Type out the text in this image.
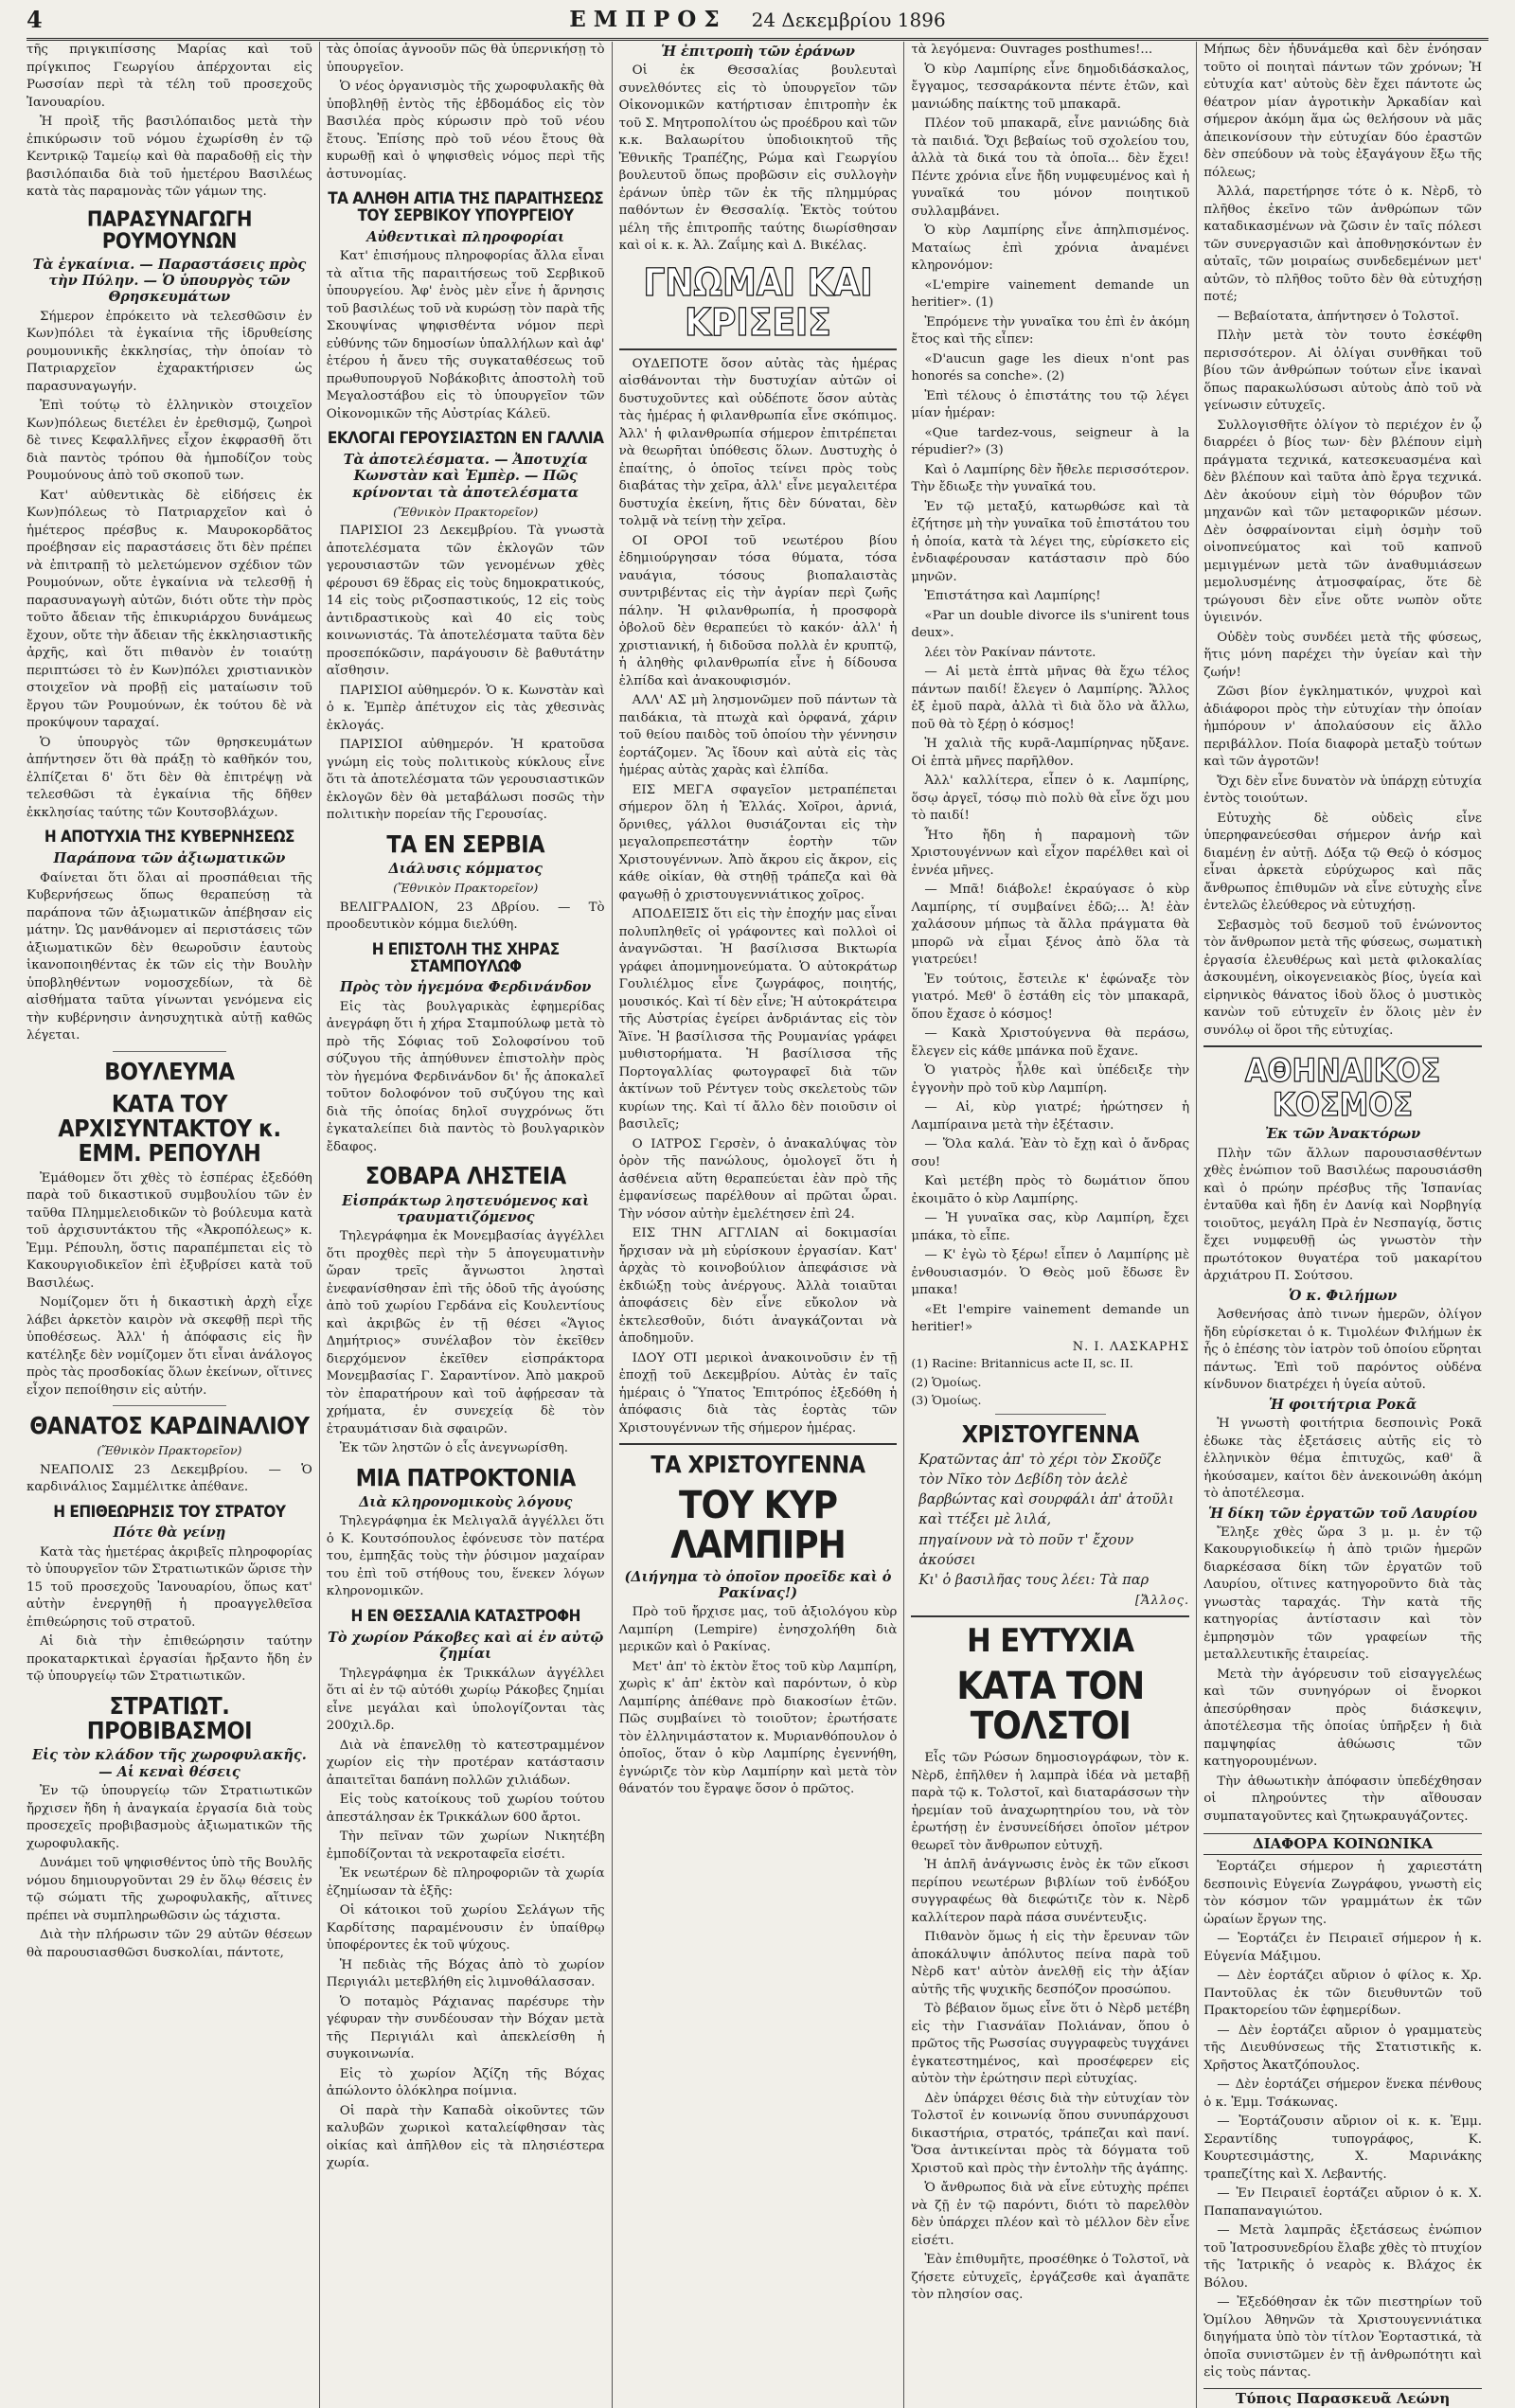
4	ΕΜΠΡΟΣ 24 Δεκεμβρίου 1896

τῆς πριγκιπίσσης Μαρίας καὶ τοῦ πρίγκιπος Γεωργίου ἀπέρχονται εἰς Ρωσσίαν περὶ τὰ τέλη τοῦ προσεχοῦς Ἰανουαρίου.

Ἡ προὶξ τῆς βασιλόπαιδος μετὰ τὴν ἐπικύρωσιν τοῦ νόμου ἐχωρίσθη ἐν τῷ Κεντρικῷ Ταμείῳ καὶ θὰ παραδοθῇ εἰς τὴν βασιλόπαιδα διὰ τοῦ ἡμετέρου Βασιλέως κατὰ τὰς παραμονὰς τῶν γάμων της.

ΠΑΡΑΣΥΝΑΓΩΓΗ ΡΟΥΜΟΥΝΩΝ
Τὰ ἐγκαίνια. — Παραστάσεις πρὸς τὴν Πύλην. — Ὁ ὑπουργὸς τῶν Θρησκευμάτων

Σήμερον ἐπρόκειτο νὰ τελεσθῶσιν ἐν Κων)πόλει τὰ ἐγκαίνια τῆς ἱδρυθείσης ρουμουνικῆς ἐκκλησίας, τὴν ὁποίαν τὸ Πατριαρχεῖον ἐχαρακτήρισεν ὡς παρασυναγωγήν.

Ἐπὶ τούτῳ τὸ ἑλληνικὸν στοιχεῖον Κων)πόλεως διετέλει ἐν ἐρεθισμῷ, ζωηροὶ δὲ τινες Κεφαλλῆνες εἶχον ἐκφρασθῆ ὅτι διὰ παντὸς τρόπου θὰ ἠμποδίζον τοὺς Ρουμούνους ἀπὸ τοῦ σκοποῦ των.

Κατ' αὐθεντικὰς δὲ εἰδήσεις ἐκ Κων)πόλεως τὸ Πατριαρχεῖον καὶ ὁ ἡμέτερος πρέσβυς κ. Μαυροκορδᾶτος προέβησαν εἰς παραστάσεις ὅτι δὲν πρέπει νὰ ἐπιτραπῇ τὸ μελετώμενον σχέδιον τῶν Ρουμούνων, οὔτε ἐγκαίνια νὰ τελεσθῇ ἡ παρασυναγωγὴ αὐτῶν, διότι οὔτε τὴν πρὸς τοῦτο ἄδειαν τῆς ἐπικυριάρχου δυνάμεως ἔχουν, οὔτε τὴν ἄδειαν τῆς ἐκκλησιαστικῆς ἀρχῆς, καὶ ὅτι πιθανὸν ἐν τοιαύτῃ περιπτώσει τὸ ἐν Κων)πόλει χριστιανικὸν στοιχεῖον νὰ προβῇ εἰς ματαίωσιν τοῦ ἔργου τῶν Ρουμούνων, ἐκ τούτου δὲ νὰ προκύψουν ταραχαί.

Ὁ ὑπουργὸς τῶν θρησκευμάτων ἀπήντησεν ὅτι θὰ πράξῃ τὸ καθῆκόν του, ἐλπίζεται δ' ὅτι δὲν θὰ ἐπιτρέψῃ νὰ τελεσθῶσι τὰ ἐγκαίνια τῆς δῆθεν ἐκκλησίας ταύτης τῶν Κουτσοβλάχων.

Η ΑΠΟΤΥΧΙΑ ΤΗΣ ΚΥΒΕΡΝΗΣΕΩΣ
Παράπονα τῶν ἀξιωματικῶν

Φαίνεται ὅτι ὅλαι αἱ προσπάθειαι τῆς Κυβερνήσεως ὅπως θεραπεύσῃ τὰ παράπονα τῶν ἀξιωματικῶν ἀπέβησαν εἰς μάτην. Ὡς μανθάνομεν αἱ περιστάσεις τῶν ἀξιωματικῶν δὲν θεωροῦσιν ἑαυτοὺς ἱκανοποιηθέντας ἐκ τῶν εἰς τὴν Βουλὴν ὑποβληθέντων νομοσχεδίων, τὰ δὲ αἰσθήματα ταῦτα γίνωνται γενόμενα εἰς τὴν κυβέρνησιν ἀνησυχητικὰ αὐτῇ καθῶς λέγεται.

ΒΟΥΛΕΥΜΑ
ΚΑΤΑ ΤΟΥ ΑΡΧΙΣΥΝΤΑΚΤΟΥ κ. ΕΜΜ. ΡΕΠΟΥΛΗ

Ἐμάθομεν ὅτι χθὲς τὸ ἑσπέρας ἐξεδόθη παρὰ τοῦ δικαστικοῦ συμβουλίου τῶν ἐν ταῦθα Πλημμελειοδικῶν τὸ βούλευμα κατὰ τοῦ ἀρχισυντάκτου τῆς «Ἀκροπόλεως» κ. Ἐμμ. Ρέπουλη, ὅστις παραπέμπεται εἰς τὸ Κακουργιοδικεῖον ἐπὶ ἐξυβρίσει κατὰ τοῦ Βασιλέως.

Νομίζομεν ὅτι ἡ δικαστικὴ ἀρχὴ εἶχε λάβει ἀρκετὸν καιρὸν νὰ σκεφθῇ περὶ τῆς ὑποθέσεως. Ἀλλ' ἡ ἀπόφασις εἰς ἣν κατέληξε δὲν νομίζομεν ὅτι εἶναι ἀνάλογος πρὸς τὰς προσδοκίας ὅλων ἐκείνων, οἵτινες εἶχον πεποίθησιν εἰς αὐτήν.

ΘΑΝΑΤΟΣ ΚΑΡΔΙΝΑΛΙΟΥ
(Ἔθνικὸν Πρακτορεῖον)

ΝΕΑΠΟΛΙΣ 23 Δεκεμβρίου. — Ὁ καρδινάλιος Σαμμέλιτκε ἀπέθανε.

Η ΕΠΙΘΕΩΡΗΣΙΣ ΤΟΥ ΣΤΡΑΤΟΥ
Πότε θὰ γείνῃ

Κατὰ τὰς ἡμετέρας ἀκριβεῖς πληροφορίας τὸ ὑπουργεῖον τῶν Στρατιωτικῶν ὥρισε τὴν 15 τοῦ προσεχοῦς Ἰανουαρίου, ὅπως κατ' αὐτὴν ἐνεργηθῇ ἡ προαγγελθεῖσα ἐπιθεώρησις τοῦ στρατοῦ.

Αἱ διὰ τὴν ἐπιθεώρησιν ταύτην προκαταρκτικαὶ ἐργασίαι ἤρξαντο ἤδη ἐν τῷ ὑπουργείῳ τῶν Στρατιωτικῶν.

ΣΤΡΑΤΙΩΤ. ΠΡΟΒΙΒΑΣΜΟΙ
Εἰς τὸν κλάδον τῆς χωροφυλακῆς. — Αἱ κεναὶ θέσεις

Ἐν τῷ ὑπουργείῳ τῶν Στρατιωτικῶν ἤρχισεν ἤδη ἡ ἀναγκαία ἐργασία διὰ τοὺς προσεχεῖς προβιβασμοὺς ἀξιωματικῶν τῆς χωροφυλακῆς.

Δυνάμει τοῦ ψηφισθέντος ὑπὸ τῆς Βουλῆς νόμου δημιουργοῦνται 29 ἐν ὅλῳ θέσεις ἐν τῷ σώματι τῆς χωροφυλακῆς, αἵτινες πρέπει νὰ συμπληρωθῶσιν ὡς τάχιστα.

Διὰ τὴν πλήρωσιν τῶν 29 αὐτῶν θέσεων θὰ παρουσιασθῶσι δυσκολίαι, πάντοτε,

τὰς ὁποίας ἀγνοοῦν πῶς θὰ ὑπερνικήσῃ τὸ ὑπουργεῖον.

Ὁ νέος ὀργανισμὸς τῆς χωροφυλακῆς θὰ ὑποβληθῇ ἐντὸς τῆς ἑβδομάδος εἰς τὸν Βασιλέα πρὸς κύρωσιν πρὸ τοῦ νέου ἔτους. Ἐπίσης πρὸ τοῦ νέου ἔτους θὰ κυρωθῇ καὶ ὁ ψηφισθεὶς νόμος περὶ τῆς ἀστυνομίας.

ΤΑ ΑΛΗΘΗ ΑΙΤΙΑ ΤΗΣ ΠΑΡΑΙΤΗΣΕΩΣ ΤΟΥ ΣΕΡΒΙΚΟΥ ΥΠΟΥΡΓΕΙΟΥ
Αὐθεντικαὶ πληροφορίαι

Κατ' ἐπισήμους πληροφορίας ἄλλα εἶναι τὰ αἴτια τῆς παραιτήσεως τοῦ Σερβικοῦ ὑπουργείου. Ἀφ' ἑνὸς μὲν εἶνε ἡ ἄρνησις τοῦ βασιλέως τοῦ νὰ κυρώσῃ τὸν παρὰ τῆς Σκουψίνας ψηφισθέντα νόμον περὶ εὐθύνης τῶν δημοσίων ὑπαλλήλων καὶ ἀφ' ἑτέρου ἡ ἄνευ τῆς συγκαταθέσεως τοῦ πρωθυπουργοῦ Νοβάκοβιτς ἀποστολὴ τοῦ Μεγαλοστάβου εἰς τὸ ὑπουργεῖον τῶν Οἰκονομικῶν τῆς Αὐστρίας Κάλεϋ.

ΕΚΛΟΓΑΙ ΓΕΡΟΥΣΙΑΣΤΩΝ ΕΝ ΓΑΛΛΙΑ
Τὰ ἀποτελέσματα. — Ἀποτυχία Κωνστὰν καὶ Ἐμπὲρ. — Πῶς κρίνονται τὰ ἀποτελέσματα
(Ἔθνικὸν Πρακτορεῖον)

ΠΑΡΙΣΙΟΙ 23 Δεκεμβρίου. Τὰ γνωστὰ ἀποτελέσματα τῶν ἐκλογῶν τῶν γερουσιαστῶν τῶν γενομένων χθὲς φέρουσι 69 ἕδρας εἰς τοὺς δημοκρατικούς, 14 εἰς τοὺς ριζοσπαστικούς, 12 εἰς τοὺς ἀντιδραστικοὺς καὶ 40 εἰς τοὺς κοινωνιστάς. Τὰ ἀποτελέσματα ταῦτα δὲν προσεπόκῶσιν, παράγουσιν δὲ βαθυτάτην αἴσθησιν.

ΠΑΡΙΣΙΟΙ αὐθημερόν. Ὁ κ. Κωνστὰν καὶ ὁ κ. Ἐμπὲρ ἀπέτυχον εἰς τὰς χθεσινὰς ἐκλογάς.

ΠΑΡΙΣΙΟΙ αὐθημερόν. Ἡ κρατοῦσα γνώμη εἰς τοὺς πολιτικοὺς κύκλους εἶνε ὅτι τὰ ἀποτελέσματα τῶν γερουσιαστικῶν ἐκλογῶν δὲν θὰ μεταβάλωσι ποσῶς τὴν πολιτικὴν πορείαν τῆς Γερουσίας.

ΤΑ ΕΝ ΣΕΡΒΙΑ
Διάλυσις κόμματος
(Ἔθνικὸν Πρακτορεῖον)

ΒΕΛΙΓΡΑΔΙΟΝ, 23 Δβρίου. — Τὸ προοδευτικὸν κόμμα διελύθη.

Η ΕΠΙΣΤΟΛΗ ΤΗΣ ΧΗΡΑΣ ΣΤΑΜΠΟΥΛΩΦ
Πρὸς τὸν ἡγεμόνα Φερδινάνδον

Εἰς τὰς βουλγαρικὰς ἐφημερίδας ἀνεγράφη ὅτι ἡ χήρα Σταμπούλωφ μετὰ τὸ πρὸ τῆς Σόφιας τοῦ Σολοφσίνου τοῦ σύζυγου τῆς ἀπηύθυνεν ἐπιστολὴν πρὸς τὸν ἡγεμόνα Φερδινάνδον δι' ἧς ἀποκαλεῖ τοῦτον δολοφόνον τοῦ συζύγου της καὶ διὰ τῆς ὁποίας δηλοῖ συγχρόνως ὅτι ἐγκαταλείπει διὰ παντὸς τὸ βουλγαρικὸν ἔδαφος.

ΣΟΒΑΡΑ ΛΗΣΤΕΙΑ
Εἰσπράκτωρ ληστευόμενος καὶ τραυματιζόμενος

Τηλεγράφημα ἐκ Μονεμβασίας ἀγγέλλει ὅτι προχθὲς περὶ τὴν 5 ἀπογευματινὴν ὥραν τρεῖς ἄγνωστοι λησταὶ ἐνεφανίσθησαν ἐπὶ τῆς ὁδοῦ τῆς ἀγούσης ἀπὸ τοῦ χωρίου Γερδάνα εἰς Κουλεντίους καὶ ἀκριβῶς ἐν τῇ θέσει «Ἅγιος Δημήτριος» συνέλαβον τὸν ἐκεῖθεν διερχόμενον ἐκεῖθεν εἰσπράκτορα Μονεμβασίας Γ. Σαραντίνον. Ἀπὸ μακροῦ τὸν ἐπαρατήρουν καὶ τοῦ ἀφῄρεσαν τὰ χρήματα, ἐν συνεχείᾳ δὲ τὸν ἐτραυμάτισαν διὰ σφαιρῶν.

Ἐκ τῶν ληστῶν ὁ εἷς ἀνεγνωρίσθη.

ΜΙΑ ΠΑΤΡΟΚΤΟΝΙΑ
Διὰ κληρονομικοὺς λόγους

Τηλεγράφημα ἐκ Μελιγαλᾶ ἀγγέλλει ὅτι ὁ Κ. Κουτσόπουλος ἐφόνευσε τὸν πατέρα του, ἐμπηξᾶς τοὺς τὴν ῥύσιμον μαχαίραν του ἐπὶ τοῦ στήθους του, ἕνεκεν λόγων κληρονομικῶν.

Η ΕΝ ΘΕΣΣΑΛΙΑ ΚΑΤΑΣΤΡΟΦΗ
Τὸ χωρίον Ράκοβες καὶ αἱ ἐν αὐτῷ ζημίαι

Τηλεγράφημα ἐκ Τρικκάλων ἀγγέλλει ὅτι αἱ ἐν τῷ αὐτόθι χωρίῳ Ράκοβες ζημίαι εἶνε μεγάλαι καὶ ὑπολογίζονται τὰς 200χιλ.δρ.

Διὰ νὰ ἐπανελθῃ τὸ κατεστραμμένον χωρίον εἰς τὴν προτέραν κατάστασιν ἀπαιτεῖται δαπάνη πολλῶν χιλιάδων.

Εἰς τοὺς κατοίκους τοῦ χωρίου τούτου ἀπεστάλησαν ἐκ Τρικκάλων 600 ἄρτοι.

Τὴν πεῖναν τῶν χωρίων Νικητέβη ἐμποδίζονται τὰ νεκροταφεῖα εἰσέτι.

Ἐκ νεωτέρων δὲ πληροφοριῶν τὰ χωρία ἐζημίωσαν τὰ ἑξῆς:

Οἱ κάτοικοι τοῦ χωρίου Σελάγων τῆς Καρδίτσης παραμένουσιν ἐν ὑπαίθρῳ ὑποφέροντες ἐκ τοῦ ψύχους.

Ἡ πεδιὰς τῆς Βόχας ἀπὸ τὸ χωρίον Περιγιάλι μετεβλήθη εἰς λιμνοθάλασσαν.

Ὁ ποταμὸς Ράχιανας παρέσυρε τὴν γέφυραν τὴν συνδέουσαν τὴν Βόχαν μετὰ τῆς Περιγιάλι καὶ ἀπεκλείσθη ἡ συγκοινωνία.

Εἰς τὸ χωρίον Ἀζίζη τῆς Βόχας ἀπώλοντο ὁλόκληρα ποίμνια.

Οἱ παρὰ τὴν Καπαδὰ οἰκοῦντες τῶν καλυβῶν χωρικοὶ καταλείφθησαν τὰς οἰκίας καὶ ἀπῆλθον εἰς τὰ πλησιέστερα χωρία.

Ἡ ἐπιτροπὴ τῶν ἐράνων

Οἱ ἐκ Θεσσαλίας βουλευταὶ συνελθόντες εἰς τὸ ὑπουργεῖον τῶν Οἰκονομικῶν κατήρτισαν ἐπιτροπὴν ἐκ τοῦ Σ. Μητροπολίτου ὡς προέδρου καὶ τῶν κ.κ. Βαλαωρίτου ὑποδιοικητοῦ τῆς Ἐθνικῆς Τραπέζης, Ρώμα καὶ Γεωργίου βουλευτοῦ ὅπως προβῶσιν εἰς συλλογὴν ἐράνων ὑπὲρ τῶν ἐκ τῆς πλημμύρας παθόντων ἐν Θεσσαλίᾳ. Ἐκτὸς τούτου μέλη τῆς ἐπιτροπῆς ταύτης διωρίσθησαν καὶ οἱ κ. κ. Ἀλ. Ζαΐμης καὶ Δ. Βικέλας.

ΓΝΩΜΑΙ ΚΑΙ ΚΡΙΣΕΙΣ

ΟΥΔΕΠΟΤΕ ὅσον αὐτὰς τὰς ἡμέρας αἰσθάνονται τὴν δυστυχίαν αὐτῶν οἱ δυστυχοῦντες καὶ οὐδέποτε ὅσον αὐτὰς τὰς ἡμέρας ἡ φιλανθρωπία εἶνε σκόπιμος. Ἀλλ' ἡ φιλανθρωπία σήμερον ἐπιτρέπεται νὰ θεωρῆται ὑπόθεσις ὅλων. Δυστυχὴς ὁ ἐπαίτης, ὁ ὁποῖος τείνει πρὸς τοὺς διαβάτας τὴν χεῖρα, ἀλλ' εἶνε μεγαλειτέρα δυστυχία ἐκείνη, ἥτις δὲν δύναται, δὲν τολμᾷ νὰ τείνῃ τὴν χεῖρα.

ΟΙ ΟΡΟΙ τοῦ νεωτέρου βίου ἐδημιούργησαν τόσα θύματα, τόσα ναυάγια, τόσους βιοπαλαιστὰς συντριβέντας εἰς τὴν ἀγρίαν περὶ ζωῆς πάλην. Ἡ φιλανθρωπία, ἡ προσφορὰ ὀβολοῦ δὲν θεραπεύει τὸ κακόν· ἀλλ' ἡ χριστιανική, ἡ διδοῦσα πολλὰ ἐν κρυπτῷ, ἡ ἀληθὴς φιλανθρωπία εἶνε ἡ δίδουσα ἐλπίδα καὶ ἀνακουφισμόν.

ΑΛΛ' ΑΣ μὴ λησμονῶμεν ποῦ πάντων τὰ παιδάκια, τὰ πτωχὰ καὶ ὀρφανά, χάριν τοῦ θείου παιδὸς τοῦ ὁποίου τὴν γέννησιν ἑορτάζομεν. Ἂς ἴδουν καὶ αὐτὰ εἰς τὰς ἡμέρας αὐτὰς χαρὰς καὶ ἐλπίδα.

ΕΙΣ ΜΕΓΑ σφαγεῖον μετραπέπεται σήμερον ὅλη ἡ Ἑλλάς. Χοῖροι, ἀρνιά, ὄρνιθες, γάλλοι θυσιάζονται εἰς τὴν μεγαλοπρεπεστάτην ἑορτὴν τῶν Χριστουγέννων. Ἀπὸ ἄκρου εἰς ἄκρον, εἰς κάθε οἰκίαν, θὰ στηθῇ τράπεζα καὶ θὰ φαγωθῇ ὁ χριστουγεννιάτικος χοῖρος.

ΑΠΟΔΕΙΞΙΣ ὅτι εἰς τὴν ἐποχήν μας εἶναι πολυπληθεῖς οἱ γράφοντες καὶ πολλοὶ οἱ ἀναγνῶσται. Ἡ βασίλισσα Βικτωρία γράφει ἀπομνημονεύματα. Ὁ αὐτοκράτωρ Γουλιέλμος εἶνε ζωγράφος, ποιητής, μουσικός. Καὶ τί δὲν εἶνε; Ἡ αὐτοκράτειρα τῆς Αὐστρίας ἐγείρει ἀνδριάντας εἰς τὸν Ἄϊνε. Ἡ βασίλισσα τῆς Ρουμανίας γράφει μυθιστορήματα. Ἡ βασίλισσα τῆς Πορτογαλλίας φωτογραφεῖ διὰ τῶν ἀκτίνων τοῦ Ρέντγεν τοὺς σκελετοὺς τῶν κυρίων της. Καὶ τί ἄλλο δὲν ποιοῦσιν οἱ βασιλεῖς;

Ο ΙΑΤΡΟΣ Γερσὲν, ὁ ἀνακαλύψας τὸν ὀρὸν τῆς πανώλους, ὁμολογεῖ ὅτι ἡ ἀσθένεια αὕτη θεραπεύεται ἐὰν πρὸ τῆς ἐμφανίσεως παρέλθουν αἱ πρῶται ὧραι. Τὴν νόσον αὐτὴν ἐμελέτησεν ἐπὶ 24.

ΕΙΣ ΤΗΝ ΑΓΓΛΙΑΝ αἱ δοκιμασίαι ἤρχισαν νὰ μὴ εὑρίσκουν ἐργασίαν. Κατ' ἀρχὰς τὸ κοινοβούλιον ἀπεφάσισε νὰ ἐκδιώξῃ τοὺς ἀνέργους. Ἀλλὰ τοιαῦται ἀποφάσεις δὲν εἶνε εὔκολον νὰ ἐκτελεσθοῦν, διότι ἀναγκάζονται νὰ ἀποδημοῦν.

ΙΔΟΥ ΟΤΙ μερικοὶ ἀνακοινοῦσιν ἐν τῇ ἐποχῇ τοῦ Δεκεμβρίου. Αὐτὰς ἐν ταῖς ἡμέραις ὁ Ὕπατος Ἐπιτρόπος ἐξεδόθη ἡ ἀπόφασις διὰ τὰς ἑορτὰς τῶν Χριστουγέννων τῆς σήμερον ἡμέρας.

ΤΑ ΧΡΙΣΤΟΥΓΕΝΝΑ
ΤΟΥ ΚΥΡ ΛΑΜΠΙΡΗ
(Διήγημα τὸ ὁποῖον προεῖδε καὶ ὁ Ρακίνας!)

Πρὸ τοῦ ἤρχισε μας, τοῦ ἀξιολόγου κὺρ Λαμπίρη (Lempire) ἐνησχολήθη διὰ μερικῶν καὶ ὁ Ρακίνας.

Μετ' ἀπ' τὸ ἑκτὸν ἕτος τοῦ κὺρ Λαμπίρη, χωρὶς κ' ἀπ' ἐκτὸν καὶ παρόντων, ὁ κὺρ Λαμπίρης ἀπέθανε πρὸ διακοσίων ἐτῶν. Πῶς συμβαίνει τὸ τοιοῦτον; ἐρωτήσατε τὸν ἐλληνιμάστατον κ. Μυριανθόπουλον ὁ ὁποῖος, ὅταν ὁ κὺρ Λαμπίρης ἐγεννήθη, ἐγνώριζε τὸν κὺρ Λαμπίρην καὶ μετὰ τὸν θάνατόν του ἔγραψε ὅσον ὁ πρῶτος.

τὰ λεγόμενα: Ouvrages posthumes!...

Ὁ κὺρ Λαμπίρης εἶνε δημοδιδάσκαλος, ἔγγαμος, τεσσαράκοντα πέντε ἐτῶν, καὶ μανιώδης παίκτης τοῦ μπακαρᾶ.

Πλέον τοῦ μπακαρᾶ, εἶνε μανιώδης διὰ τὰ παιδιά. Ὄχι βεβαίως τοῦ σχολείου του, ἀλλὰ τὰ δικά του τὰ ὁποῖα... δὲν ἔχει! Πέντε χρόνια εἶνε ἤδη νυμφευμένος καὶ ἡ γυναῖκά του μόνον ποιητικοῦ συλλαμβάνει.

Ὁ κὺρ Λαμπίρης εἶνε ἀπηλπισμένος. Ματαίως ἐπὶ χρόνια ἀναμένει κληρονόμον:

«L'empire vainement demande un heritier». (1)

Ἐπρόμενε τὴν γυναῖκα του ἐπὶ ἐν ἀκόμη ἔτος καὶ τῆς εἶπεν:

«D'aucun gage les dieux n'ont pas honorés sa conche». (2)

Ἐπὶ τέλους ὁ ἐπιστάτης του τῷ λέγει μίαν ἡμέραν:

«Que tardez-vous, seigneur à la répudier?» (3)

Καὶ ὁ Λαμπίρης δὲν ἤθελε περισσότερον. Τὴν ἔδιωξε τὴν γυναῖκά του.

Ἐν τῷ μεταξύ, κατωρθώσε καὶ τὰ ἐζήτησε μὴ τὴν γυναῖκα τοῦ ἐπιστάτου του ἡ ὁποία, κατὰ τὰ λέγει της, εὑρίσκετο εἰς ἐνδιαφέρουσαν κατάστασιν πρὸ δύο μηνῶν.

Ἐπιστάτησα καὶ Λαμπίρης!

«Par un double divorce ils s'unirent tous deux».

λέει τὸν Ρακίναν πάντοτε.

— Αἱ μετὰ ἑπτὰ μῆνας θὰ ἔχω τέλος πάντων παιδί! ἔλεγεν ὁ Λαμπίρης. Ἄλλος ἐξ ἐμοῦ παρὰ, ἀλλὰ τὶ διὰ ὅλο νὰ ἄλλω, ποῦ θὰ τὸ ξέρῃ ὁ κόσμος!

Ἡ χαλιὰ τῆς κυρᾶ-Λαμπίρηνας ηὔξανε. Οἱ ἑπτὰ μῆνες παρῆλθον.

Ἀλλ' καλλίτερα, εἶπεν ὁ κ. Λαμπίρης, ὅσῳ ἀργεῖ, τόσῳ πιὸ πολὺ θὰ εἶνε ὅχι μου τὸ παιδί!

Ἦτο ἤδη ἡ παραμονὴ τῶν Χριστουγέννων καὶ εἶχον παρέλθει καὶ οἱ ἐννέα μῆνες.

— Μπᾶ! διάβολε! ἐκραύγασε ὁ κὺρ Λαμπίρης, τί συμβαίνει ἐδῶ;... Ἀ! ἐὰν χαλάσουν μήπως τὰ ἄλλα πράγματα θὰ μπορῶ νὰ εἶμαι ξένος ἀπὸ ὅλα τὰ γιατρεύει!

Ἐν τούτοις, ἔστειλε κ' ἐφώναξε τὸν γιατρό. Μεθ' ὃ ἐστάθη εἰς τὸν μπακαρᾶ, ὅπου ἔχασε ὁ κόσμος!

— Κακὰ Χριστούγεννα θὰ περάσω, ἔλεγεν εἰς κάθε μπάνκα ποῦ ἔχανε.

Ὁ γιατρὸς ἦλθε καὶ ὑπέδειξε τὴν ἐγγονὴν πρὸ τοῦ κὺρ Λαμπίρη.

— Αἱ, κὺρ γιατρέ; ἠρώτησεν ἡ Λαμπίραινα μετὰ τὴν ἐξέτασιν.

— Ὅλα καλά. Ἐὰν τὸ ἔχῃ καὶ ὁ ἄνδρας σου!

Καὶ μετέβη πρὸς τὸ δωμάτιον ὅπου ἐκοιμᾶτο ὁ κὺρ Λαμπίρης.

— Ἡ γυναῖκα σας, κὺρ Λαμπίρη, ἔχει μπάκα, τὸ εἶπε.

— Κ' ἐγὼ τὸ ξέρω! εἶπεν ὁ Λαμπίρης μὲ ἐνθουσιασμόν. Ὁ Θεὸς μοῦ ἔδωσε ἓν μπακα!

«Et l'empire vainement demande un heritier!»

Ν. Ι. ΛΑΣΚΑΡΗΣ

(1) Racine: Britannicus acte II, sc. II.

(2) Ὁμοίως.

(3) Ὁμοίως.

ΧΡΙΣΤΟΥΓΕΝΝΑ
Κρατῶντας ἀπ' τὸ χέρι τὸν Σκοῦζε
τὸν Νῖκο τὸν Δεβίδη τὸν ἀελὲ
βαρβώντας καὶ σουρφάλι ἀπ' ἀτοῦλι
καὶ ττέξει μὲ λιλά,
πηγαίνουν νὰ τὸ ποῦν τ' ἔχουν ἀκούσει
Κι' ὁ βασιλῆας τους λέει: Τὰ παρ
[Ἄλλος.
Η ΕΥΤΥΧΙΑ
ΚΑΤΑ ΤΟΝ ΤΟΛΣΤΟΙ

Εἷς τῶν Ρώσων δημοσιογράφων, τὸν κ. Νὲρδ, ἐπῆλθεν ἡ λαμπρὰ ἰδέα νὰ μεταβῇ παρὰ τῷ κ. Τολστοῖ, καὶ διαταράσσων τὴν ἠρεμίαν τοῦ ἀναχωρητηρίου του, νὰ τὸν ἐρωτήσῃ ἐν ἐνσυνείδήσει ὁποῖον μέτρον θεωρεῖ τὸν ἄνθρωπον εὐτυχῆ.

Ἡ ἁπλῆ ἀνάγνωσις ἑνὸς ἐκ τῶν εἴκοσι περίπου νεωτέρων βιβλίων τοῦ ἐνδόξου συγγραφέως θὰ διεφώτιζε τὸν κ. Νὲρδ καλλίτερον παρὰ πάσα συνέντευξις.

Πιθανὸν ὅμως ἡ εἰς τὴν ἔρευναν τῶν ἀποκάλυψιν ἀπόλυτος πείνα παρὰ τοῦ Νὲρδ κατ' αὐτὸν ἀνελθῇ εἰς τὴν ἀξίαν αὐτῆς τῆς ψυχικῆς δεσπόζον προσώπου.

Τὸ βέβαιον ὅμως εἶνε ὅτι ὁ Νὲρδ μετέβη εἰς τὴν Γιασνάϊαν Πολιάναν, ὅπου ὁ πρῶτος τῆς Ρωσσίας συγγραφεὺς τυγχάνει ἐγκατεστημένος, καὶ προσέφερεν εἰς αὐτὸν τὴν ἐρώτησιν περὶ εὐτυχίας.

Δὲν ὑπάρχει θέσις διὰ τὴν εὐτυχίαν τὸν Τολστοῖ ἐν κοινωνίᾳ ὅπου συνυπάρχουσι δικαστήρια, στρατός, τράπεζαι καὶ πανί. Ὅσα ἀντικείνται πρὸς τὰ δόγματα τοῦ Χριστοῦ καὶ πρὸς τὴν ἐντολὴν τῆς ἀγάπης.

Ὁ ἄνθρωπος διὰ νὰ εἶνε εὐτυχὴς πρέπει νὰ ζῇ ἐν τῷ παρόντι, διότι τὸ παρελθὸν δὲν ὑπάρχει πλέον καὶ τὸ μέλλον δὲν εἶνε εἰσέτι.

Ἐὰν ἐπιθυμῆτε, προσέθηκε ὁ Τολστοῖ, νὰ ζήσετε εὐτυχεῖς, ἐργάζεσθε καὶ ἀγαπᾶτε τὸν πλησίον σας.

Μήπως δὲν ἠδυνάμεθα καὶ δὲν ἐνόησαν τοῦτο οἱ ποιηταὶ πάντων τῶν χρόνων; Ἡ εὐτυχία κατ' αὐτοὺς δὲν ἔχει πάντοτε ὡς θέατρον μίαν ἀγροτικὴν Ἀρκαδίαν καὶ σήμερον ἀκόμη ἅμα ὡς θελήσουν νὰ μᾶς ἀπεικονίσουν τὴν εὐτυχίαν δύο ἐραστῶν δὲν σπεύδουν νὰ τοὺς ἐξαγάγουν ἔξω τῆς πόλεως;

Ἀλλά, παρετήρησε τότε ὁ κ. Νὲρδ, τὸ πλῆθος ἐκεῖνο τῶν ἀνθρώπων τῶν καταδικασμένων νὰ ζῶσιν ἐν ταῖς πόλεσι τῶν συνεργασιῶν καὶ ἀποθνῃσκόντων ἐν αὐταῖς, τῶν μοιραίως συνδεδεμένων μετ' αὐτῶν, τὸ πλῆθος τοῦτο δὲν θὰ εὐτυχήσῃ ποτέ;

— Βεβαίοτατα, ἀπήντησεν ὁ Τολστοῖ.

Πλὴν μετὰ τὸν τουτο ἐσκέφθη περισσότερον. Αἱ ὀλίγαι συνθῆκαι τοῦ βίου τῶν ἀνθρώπων τούτων εἶνε ἱκαναὶ ὅπως παρακωλύσωσι αὐτοὺς ἀπὸ τοῦ νὰ γείνωσιν εὐτυχεῖς.

Συλλογισθῆτε ὀλίγον τὸ περιέχον ἐν ᾧ διαρρέει ὁ βίος των· δὲν βλέπουν εἰμὴ πράγματα τεχνικά, κατεσκευασμένα καὶ δὲν βλέπουν καὶ ταῦτα ἀπὸ ἔργα τεχνικά. Δὲν ἀκούουν εἰμὴ τὸν θόρυβον τῶν μηχανῶν καὶ τῶν μεταφορικῶν μέσων. Δὲν ὀσφραίνονται εἰμὴ ὀσμὴν τοῦ οἰνοπνεύματος καὶ τοῦ καπνοῦ μεμιγμένων μετὰ τῶν ἀναθυμιάσεων μεμολυσμένης ἀτμοσφαίρας, ὅτε δὲ τρώγουσι δὲν εἶνε οὔτε νωπὸν οὔτε ὑγιεινόν.

Οὐδὲν τοὺς συνδέει μετὰ τῆς φύσεως, ἥτις μόνη παρέχει τὴν ὑγείαν καὶ τὴν ζωήν!

Ζῶσι βίον ἐγκληματικόν, ψυχροὶ καὶ ἀδιάφοροι πρὸς τὴν εὐτυχίαν τὴν ὁποίαν ἠμπόρουν ν' ἀπολαύσουν εἰς ἄλλο περιβάλλον. Ποία διαφορὰ μεταξὺ τούτων καὶ τῶν ἀγροτῶν!

Ὄχι δὲν εἶνε δυνατὸν νὰ ὑπάρχῃ εὐτυχία ἐντὸς τοιούτων.

Εὐτυχὴς δὲ οὐδεὶς εἶνε ὑπερηφανεύεσθαι σήμερον ἀνήρ καὶ διαμένῃ ἐν αὐτῇ. Δόξα τῷ Θεῷ ὁ κόσμος εἶναι ἀρκετὰ εὐρύχωρος καὶ πᾶς ἄνθρωπος ἐπιθυμῶν νὰ εἶνε εὐτυχὴς εἶνε ἐντελῶς ἐλεύθερος νὰ εὐτυχήσῃ.

Σεβασμὸς τοῦ δεσμοῦ τοῦ ἑνώνοντος τὸν ἄνθρωπον μετὰ τῆς φύσεως, σωματικὴ ἐργασία ἐλευθέρως καὶ μετὰ φιλοκαλίας ἀσκουμένη, οἰκογενειακὸς βίος, ὑγεία καὶ εἰρηνικὸς θάνατος ἰδοὺ ὅλος ὁ μυστικὸς κανὼν τοῦ εὐτυχεῖν ἐν ὅλοις μὲν ἐν συνόλῳ οἱ ὅροι τῆς εὐτυχίας.

ΑΘΗΝΑΙΚΟΣ ΚΟΣΜΟΣ
Ἐκ τῶν Ἀνακτόρων

Πλὴν τῶν ἄλλων παρουσιασθέντων χθὲς ἐνώπιον τοῦ Βασιλέως παρουσιάσθη καὶ ὁ πρώην πρέσβυς τῆς Ἱσπανίας ἐνταῦθα καὶ ἤδη ἐν Δανίᾳ καὶ Νορβηγίᾳ τοιοῦτος, μεγάλη Πρὰ ἐν Νεσπαγίᾳ, ὅστις ἔχει νυμφευθῇ ὡς γνωστὸν τὴν πρωτότοκον θυγατέρα τοῦ μακαρίτου ἀρχιάτρου Π. Σούτσου.

Ὁ κ. Φιλήμων

Ἀσθενήσας ἀπὸ τινων ἡμερῶν, ὀλίγον ἤδη εὑρίσκεται ὁ κ. Τιμολέων Φιλήμων ἐκ ἧς ὁ ἐπέσης τὸν ἰατρὸν τοῦ ὁποίου εὕρηται πάντως. Ἐπὶ τοῦ παρόντος οὐδένα κίνδυνον διατρέχει ἡ ὑγεία αὐτοῦ.

Ἡ φοιτήτρια Ροκᾶ

Ἡ γνωστὴ φοιτήτρια δεσποινὶς Ροκᾶ ἐδωκε τὰς ἐξετάσεις αὐτῆς εἰς τὸ ἑλληνικὸν θέμα ἐπιτυχῶς, καθ' ἃ ἠκούσαμεν, καίτοι δὲν ἀνεκοινώθη ἀκόμη τὸ ἀποτέλεσμα.

Ἡ δίκη τῶν ἐργατῶν τοῦ Λαυρίου

Ἔληξε χθὲς ὥρα 3 μ. μ. ἐν τῷ Κακουργιοδικείῳ ἡ ἀπὸ τριῶν ἡμερῶν διαρκέσασα δίκη τῶν ἐργατῶν τοῦ Λαυρίου, οἵτινες κατηγοροῦντο διὰ τὰς γνωστὰς ταραχάς. Τὴν κατὰ τῆς κατηγορίας ἀντίστασιν καὶ τὸν ἐμπρησμὸν τῶν γραφείων τῆς μεταλλευτικῆς ἑταιρείας.

Μετὰ τὴν ἀγόρευσιν τοῦ εἰσαγγελέως καὶ τῶν συνηγόρων οἱ ἔνορκοι ἀπεσύρθησαν πρὸς διάσκεψιν, ἀποτέλεσμα τῆς ὁποίας ὑπῆρξεν ἡ διὰ παμψηφίας ἀθώωσις τῶν κατηγορουμένων.

Τὴν ἀθωωτικὴν ἀπόφασιν ὑπεδέχθησαν οἱ πληρούντες τὴν αἴθουσαν συμπαταγοῦντες καὶ ζητωκραυγάζοντες.

ΔΙΑΦΟΡΑ ΚΟΙΝΩΝΙΚΑ

Ἑορτάζει σήμερον ἡ χαριεστάτη δεσποινὶς Εὐγενία Ζωγράφου, γνωστὴ εἰς τὸν κόσμον τῶν γραμμάτων ἐκ τῶν ὡραίων ἔργων της.

— Ἑορτάζει ἐν Πειραιεῖ σήμερον ἡ κ. Εὐγενία Μάξιμου.

— Δὲν ἑορτάζει αὔριον ὁ φίλος κ. Χρ. Παντοῦλας ἐκ τῶν διευθυντῶν τοῦ Πρακτορείου τῶν ἐφημερίδων.

— Δὲν ἑορτάζει αὔριον ὁ γραμματεὺς τῆς Διευθύνσεως τῆς Στατιστικῆς κ. Χρῆστος Ἀκατζόπουλος.

— Δὲν ἑορτάζει σήμερον ἕνεκα πένθους ὁ κ. Ἐμμ. Τσάκωνας.

— Ἑορτάζουσιν αὔριον οἱ κ. κ. Ἐμμ. Σεραντίδης τυπογράφος, Κ. Κουρτεσιμάστης, Χ. Μαρινάκης τραπεζίτης καὶ Χ. Λεβαντής.

— Ἐν Πειραιεῖ ἑορτάζει αὔριον ὁ κ. Χ. Παπαπαναγιώτου.

— Μετὰ λαμπρᾶς ἐξετάσεως ἐνώπιον τοῦ Ἰατροσυνεδρίου ἔλαβε χθὲς τὸ πτυχίον τῆς Ἰατρικῆς ὁ νεαρὸς κ. Βλάχος ἐκ Βόλου.

— Ἐξεδόθησαν ἐκ τῶν πιεστηρίων τοῦ Ὁμίλου Ἀθηνῶν τὰ Χριστουγεννιάτικα διηγήματα ὑπὸ τὸν τίτλον Ἑορταστικά, τὰ ὁποῖα συνιστῶμεν ἐν τῇ ἀνθρωπότητι καὶ εἰς τοὺς πάντας.

Τύποις Παρασκευᾶ Λεώνη
